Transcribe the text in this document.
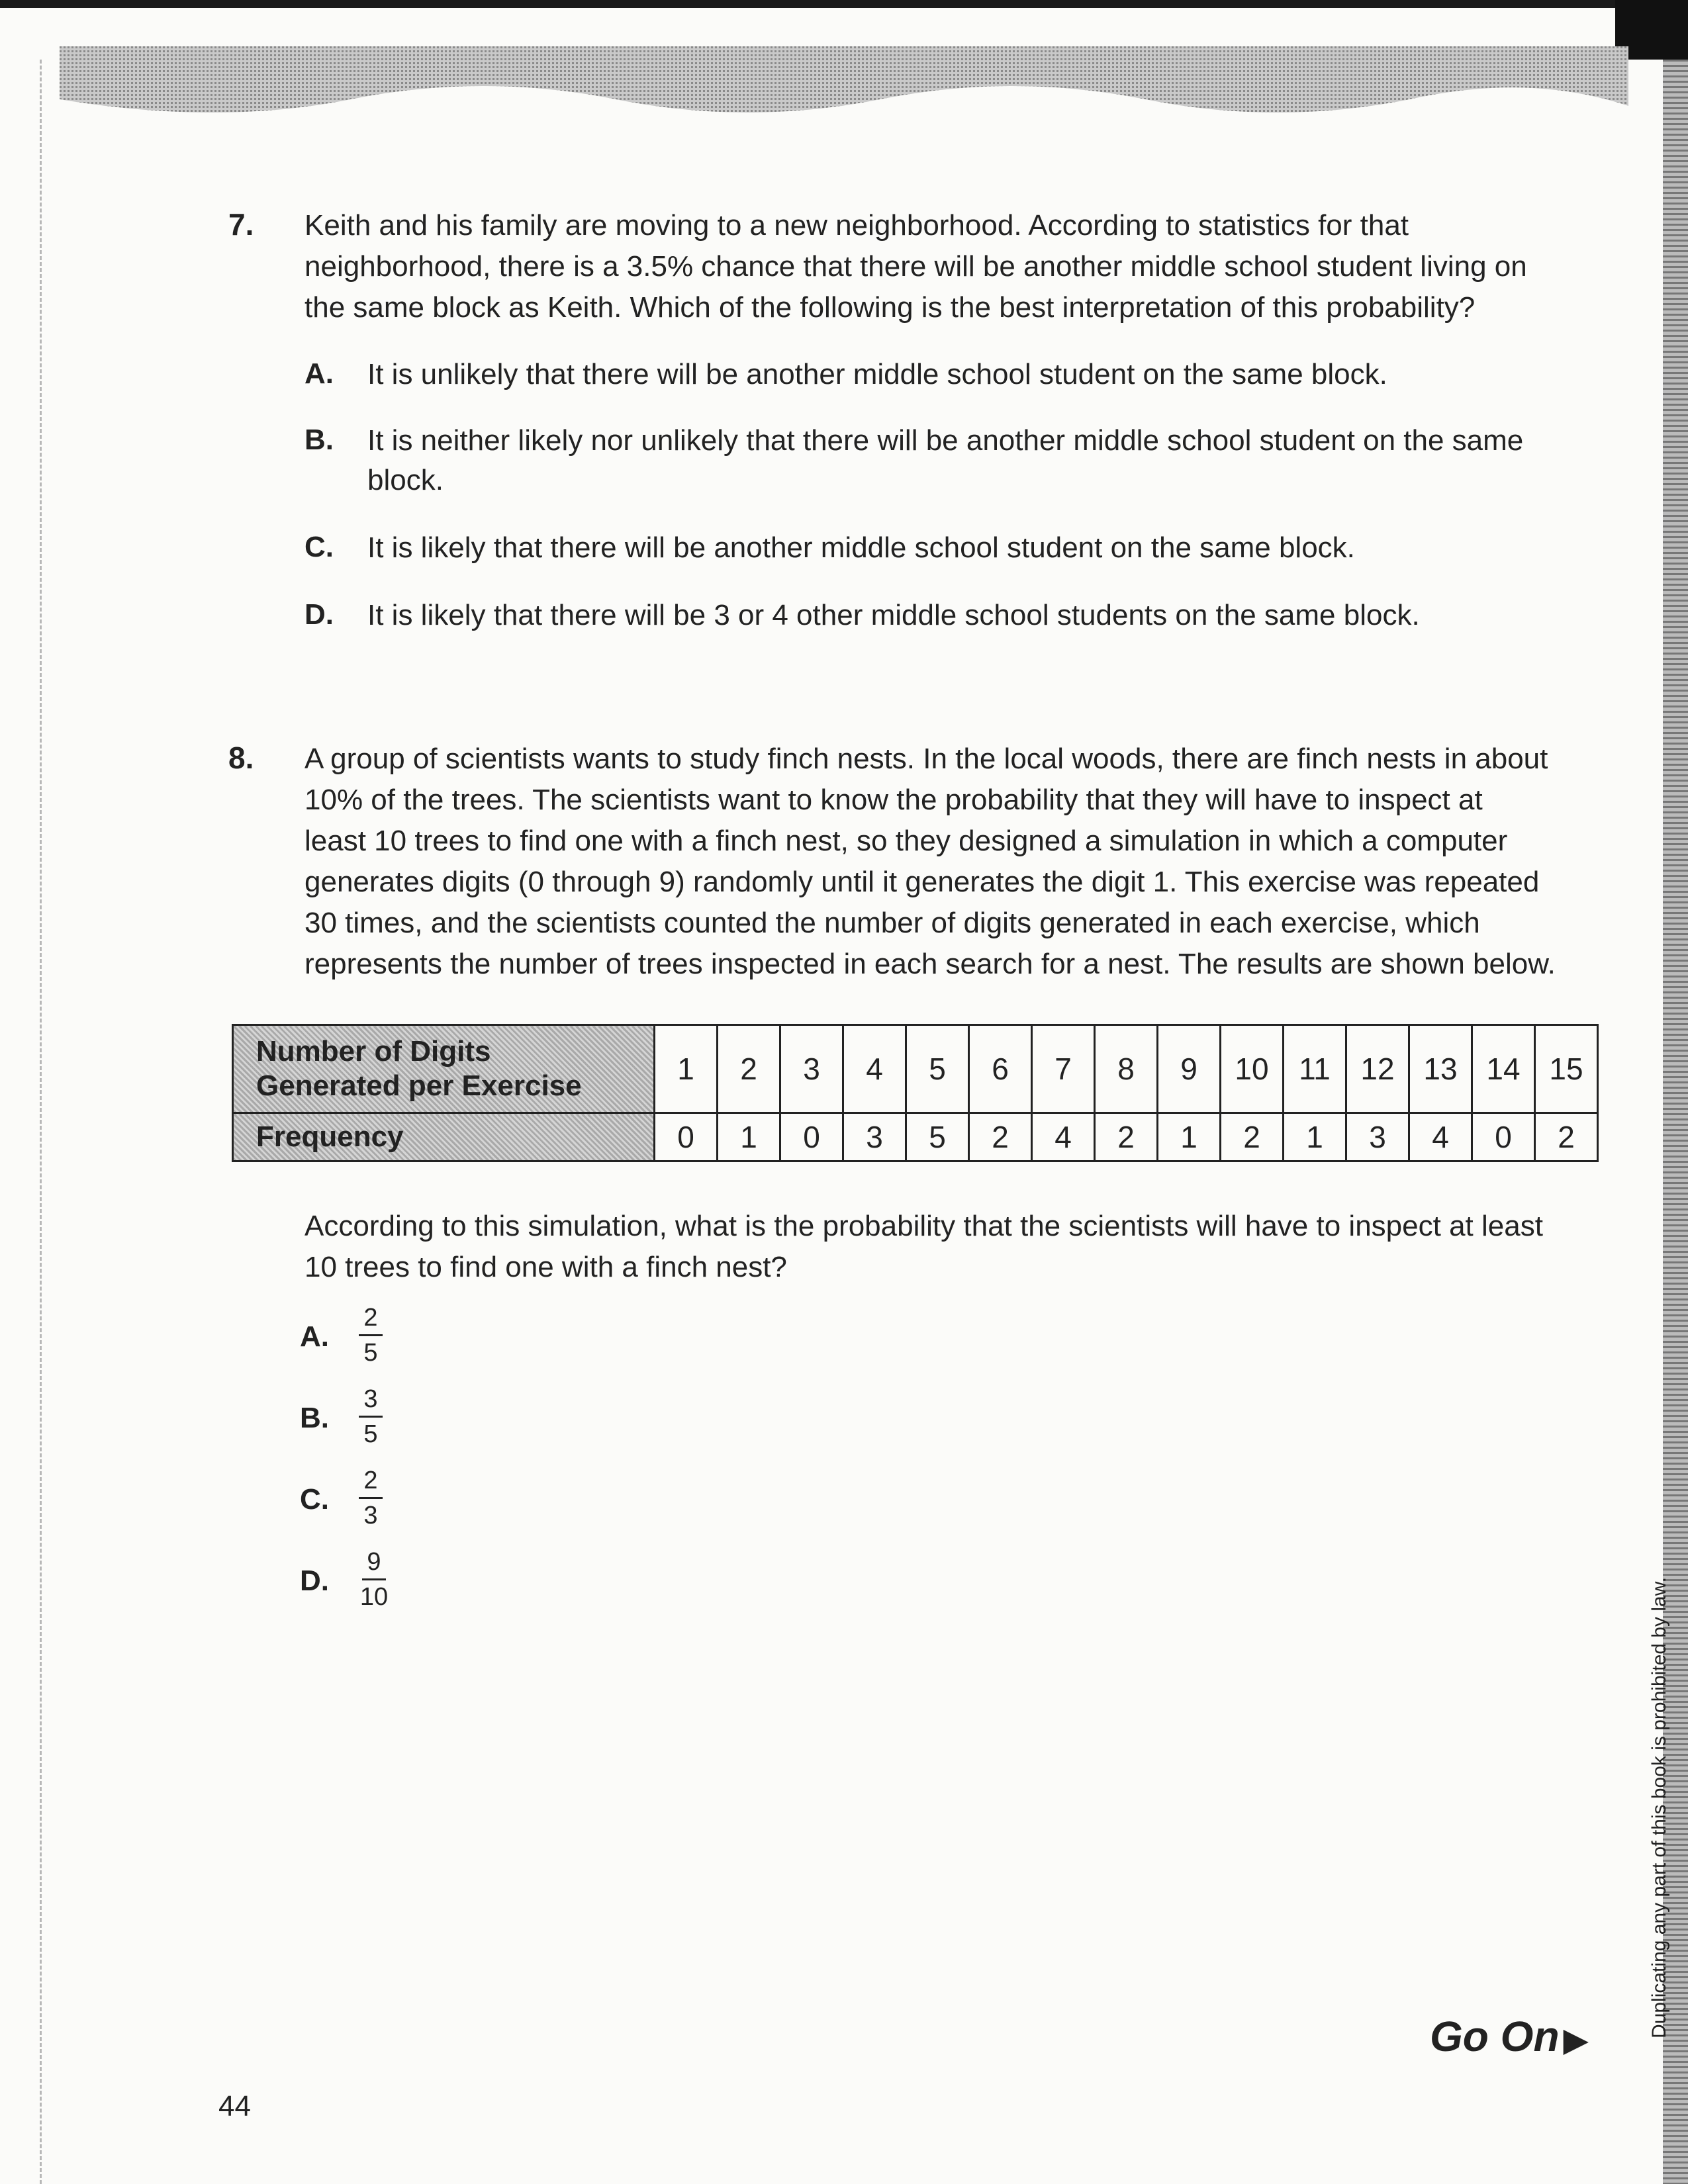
7. Keith and his family are moving to a new neighborhood. According to statistics for that
neighborhood, there is a 3.5% chance that there will be another middle school student living on
the same block as Keith. Which of the following is the best interpretation of this probability?
A. It is unlikely that there will be another middle school student on the same block.
B. It is neither likely nor unlikely that there will be another middle school student on the same
block.
C. It is likely that there will be another middle school student on the same block.
D. It is likely that there will be 3 or 4 other middle school students on the same block.
8. A group of scientists wants to study finch nests. In the local woods, there are finch nests in about
10% of the trees. The scientists want to know the probability that they will have to inspect at
least 10 trees to find one with a finch nest, so they designed a simulation in which a computer
generates digits (0 through 9) randomly until it generates the digit 1. This exercise was repeated
30 times, and the scientists counted the number of digits generated in each exercise, which
represents the number of trees inspected in each search for a nest. The results are shown below.
Number of Digits
Generated per Exercise	1	2	3	4	5	6	7	8	9	10	11	12	13	14	15
Frequency	0	1	0	3	5	2	4	2	1	2	1	3	4	0	2
According to this simulation, what is the probability that the scientists will have to inspect at least
10 trees to find one with a finch nest?
A.
2
5
B.
3
5
C.
2
3
D.
9
10
44
Go On ▶
Duplicating any part of this book is prohibited by law.
